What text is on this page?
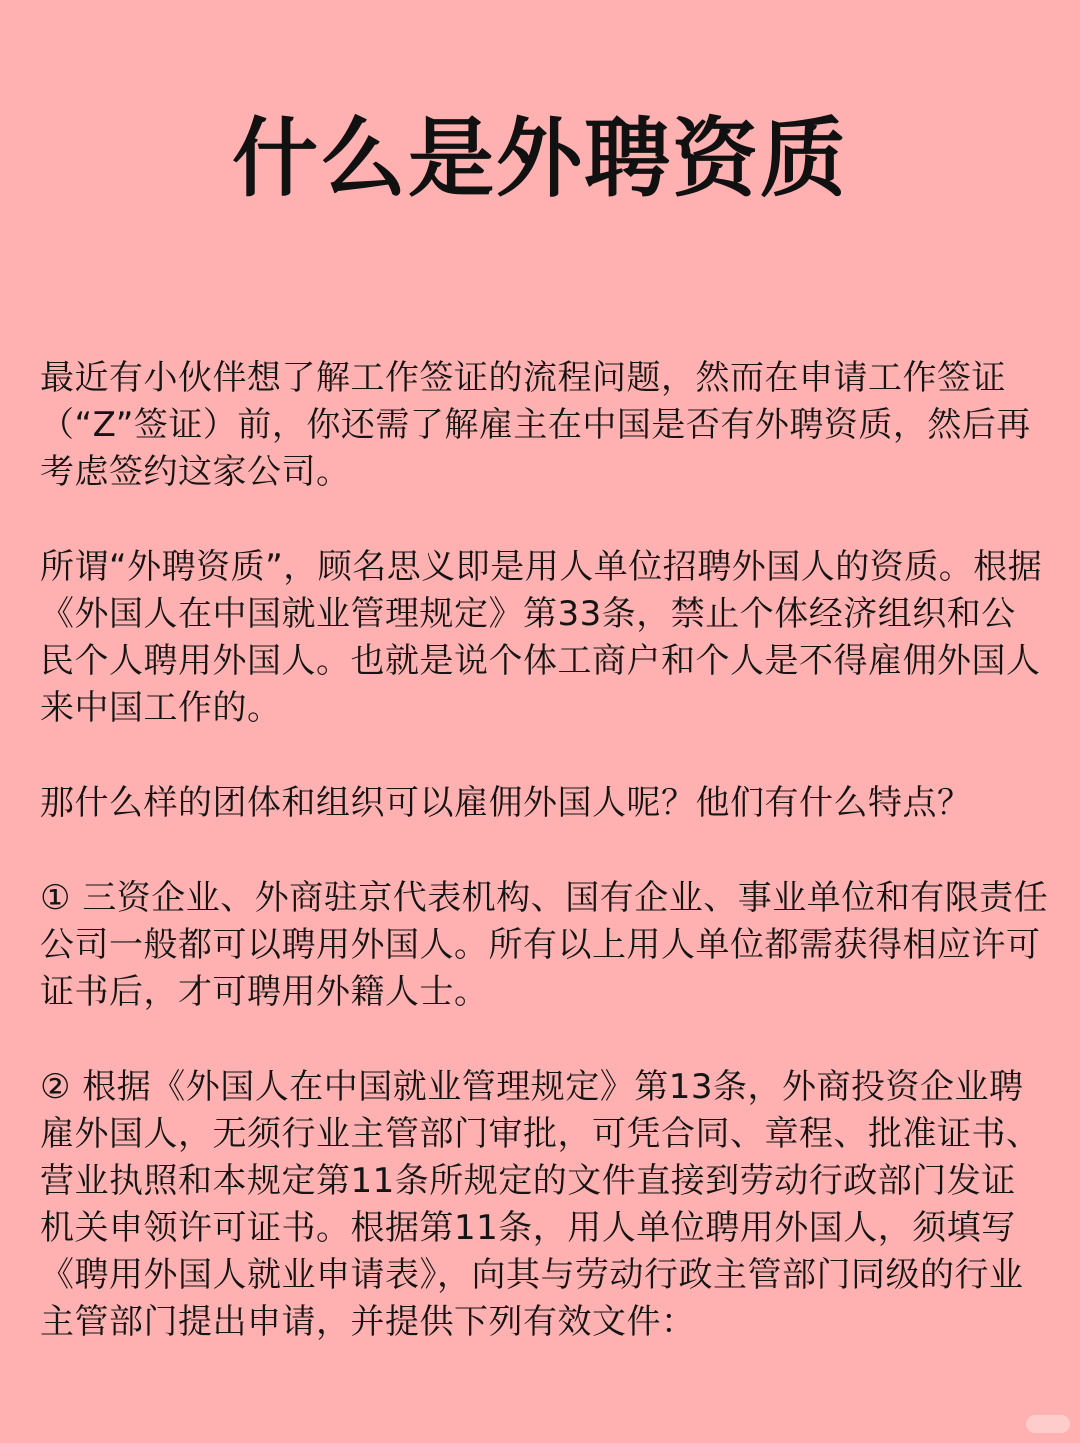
什么是外聘资质

最近有小伙伴想了解工作签证的流程问题，然而在申请工作签证（“Z”签证）前，你还需了解雇主在中国是否有外聘资质，然后再考虑签约这家公司。

所谓“外聘资质”，顾名思义即是用人单位招聘外国人的资质。根据《外国人在中国就业管理规定》第33条，禁止个体经济组织和公民个人聘用外国人。也就是说个体工商户和个人是不得雇佣外国人来中国工作的。

那什么样的团体和组织可以雇佣外国人呢？他们有什么特点？

① 三资企业、外商驻京代表机构、国有企业、事业单位和有限责任公司一般都可以聘用外国人。所有以上用人单位都需获得相应许可证书后，才可聘用外籍人士。

② 根据《外国人在中国就业管理规定》第13条，外商投资企业聘雇外国人，无须行业主管部门审批，可凭合同、章程、批准证书、营业执照和本规定第11条所规定的文件直接到劳动行政部门发证机关申领许可证书。根据第11条，用人单位聘用外国人，须填写《聘用外国人就业申请表》，向其与劳动行政主管部门同级的行业主管部门提出申请，并提供下列有效文件：
